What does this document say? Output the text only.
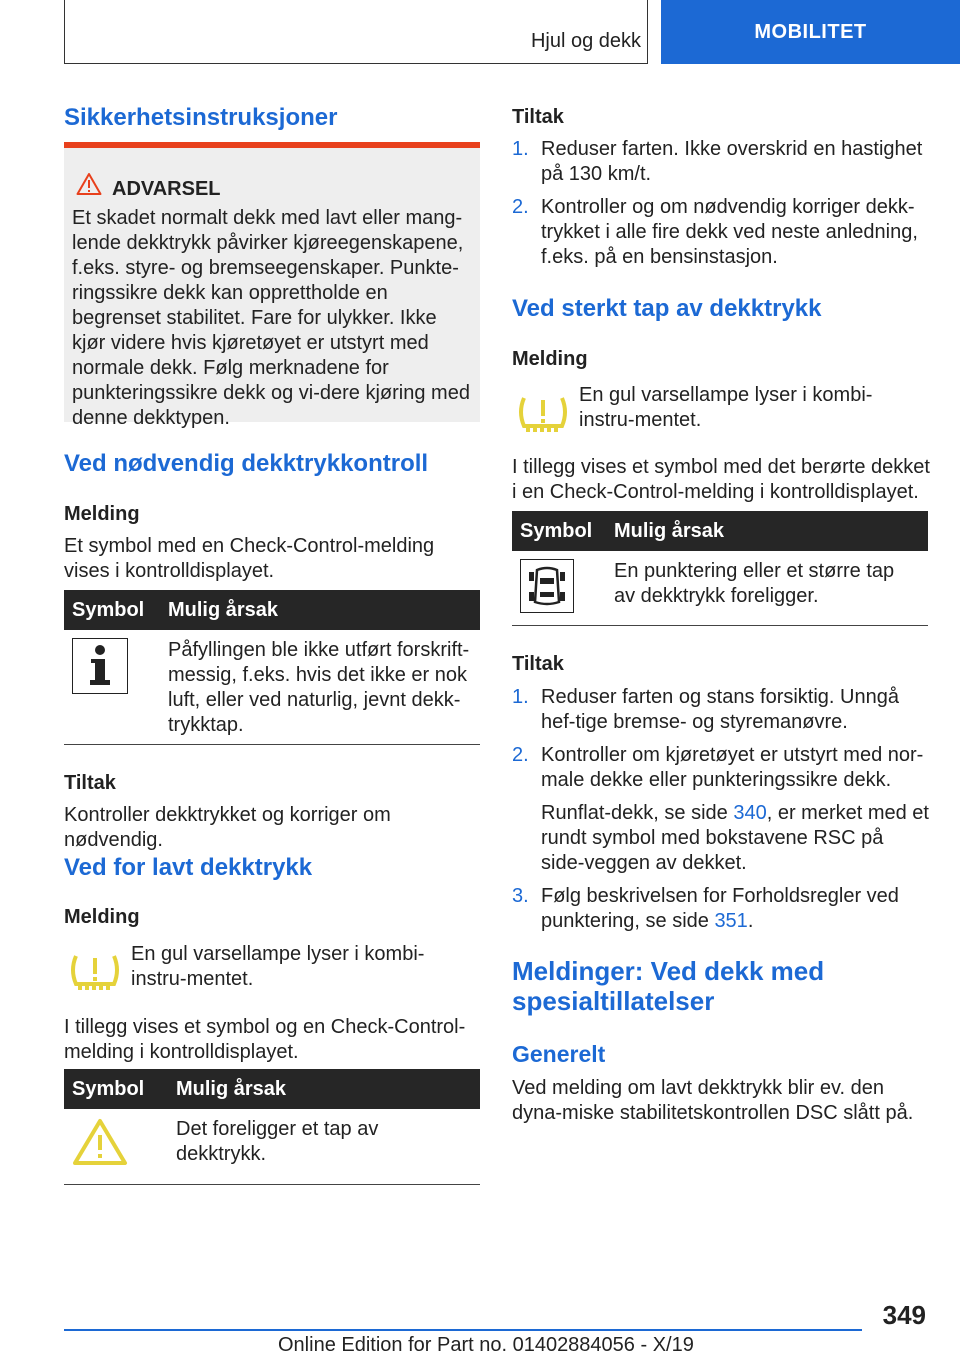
Hjul og dekk	MOBILITET
Sikkerhetsinstruksjoner
ADVARSEL

Et skadet normalt dekk med lavt eller mang-lende dekktrykk påvirker kjøreegenskapene, f.eks. styre- og bremseegenskaper. Punkte-ringssikre dekk kan opprettholde en begrenset stabilitet. Fare for ulykker. Ikke kjør videre hvis kjøretøyet er utstyrt med normale dekk. Følg merknadene for punkteringssikre dekk og vi-dere kjøring med denne dekktypen.

Ved nødvendig dekktrykkontroll
Melding

Et symbol med en Check-Control-melding vises i kontrolldisplayet.

Symbol	Mulig årsak

	Påfyllingen ble ikke utført forskrift-messig, f.eks. hvis det ikke er nok luft, eller ved naturlig, jevnt dekk-trykktap.
Tiltak

Kontroller dekktrykket og korriger om nødvendig.

Ved for lavt dekktrykk
Melding

En gul varsellampe lyser i kombi-instru-mentet.

I tillegg vises et symbol og en Check-Control-melding i kontrolldisplayet.

Symbol	Mulig årsak
	Det foreligger et tap av dekktrykk.
Tiltak
1. Reduser farten. Ikke overskrid en hastighet på 130 km/t.
2. Kontroller og om nødvendig korriger dekk-trykket i alle fire dekk ved neste anledning, f.eks. på en bensinstasjon.
Ved sterkt tap av dekktrykk
Melding

En gul varsellampe lyser i kombi-instru-mentet.

I tillegg vises et symbol med det berørte dekket i en Check-Control-melding i kontrolldisplayet.

Symbol	Mulig årsak

	En punktering eller et større tap av dekktrykk foreligger.
Tiltak
1. Reduser farten og stans forsiktig. Unngå hef-tige bremse- og styremanøvre.
2. Kontroller om kjøretøyet er utstyrt med nor-male dekke eller punkteringssikre dekk.
Runflat-dekk, se side 340, er merket med et rundt symbol med bokstavene RSC på side-veggen av dekket.
3. Følg beskrivelsen for Forholdsregler ved punktering, se side 351.
Meldinger: Ved dekk med spesialtillatelser
Generelt

Ved melding om lavt dekktrykk blir ev. den dyna-miske stabilitetskontrollen DSC slått på.

349
Online Edition for Part no. 01402884056 - X/19
